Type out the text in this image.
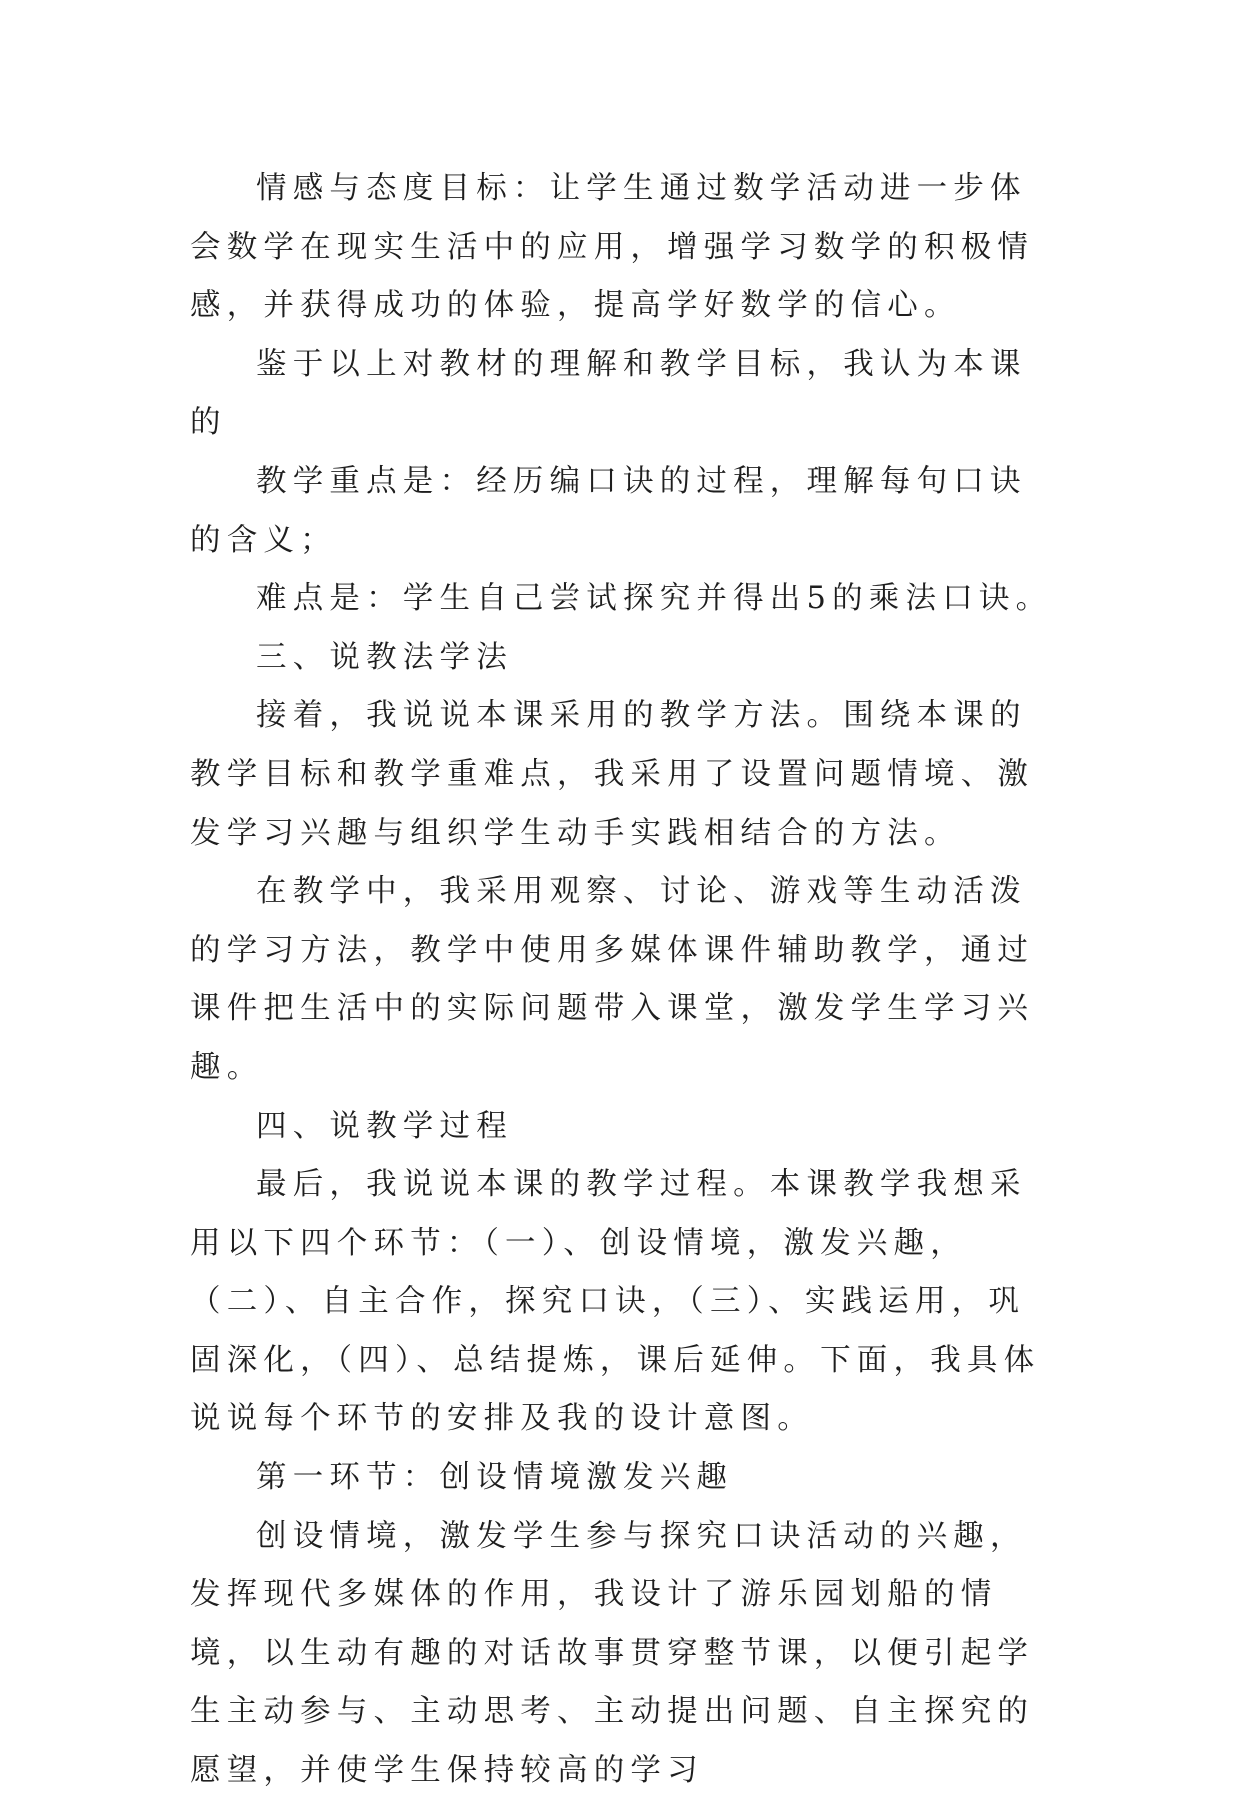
情感与态度目标：让学生通过数学活动进一步体会数学在现实生活中的应用，增强学习数学的积极情感，并获得成功的体验，提高学好数学的信心。

鉴于以上对教材的理解和教学目标，我认为本课的

教学重点是：经历编口诀的过程，理解每句口诀的含义；

难点是：学生自己尝试探究并得出5的乘法口诀。

三、说教法学法

接着，我说说本课采用的教学方法。围绕本课的教学目标和教学重难点，我采用了设置问题情境、激发学习兴趣与组织学生动手实践相结合的方法。

在教学中，我采用观察、讨论、游戏等生动活泼的学习方法，教学中使用多媒体课件辅助教学，通过课件把生活中的实际问题带入课堂，激发学生学习兴趣。

四、说教学过程

最后，我说说本课的教学过程。本课教学我想采用以下四个环节：（一）、创设情境，激发兴趣，（二）、自主合作，探究口诀，（三）、实践运用，巩固深化，（四）、总结提炼，课后延伸。下面，我具体说说每个环节的安排及我的设计意图。

第一环节：创设情境激发兴趣

创设情境，激发学生参与探究口诀活动的兴趣，发挥现代多媒体的作用，我设计了游乐园划船的情境，以生动有趣的对话故事贯穿整节课，以便引起学生主动参与、主动思考、主动提出问题、自主探究的愿望，并使学生保持较高的学习
